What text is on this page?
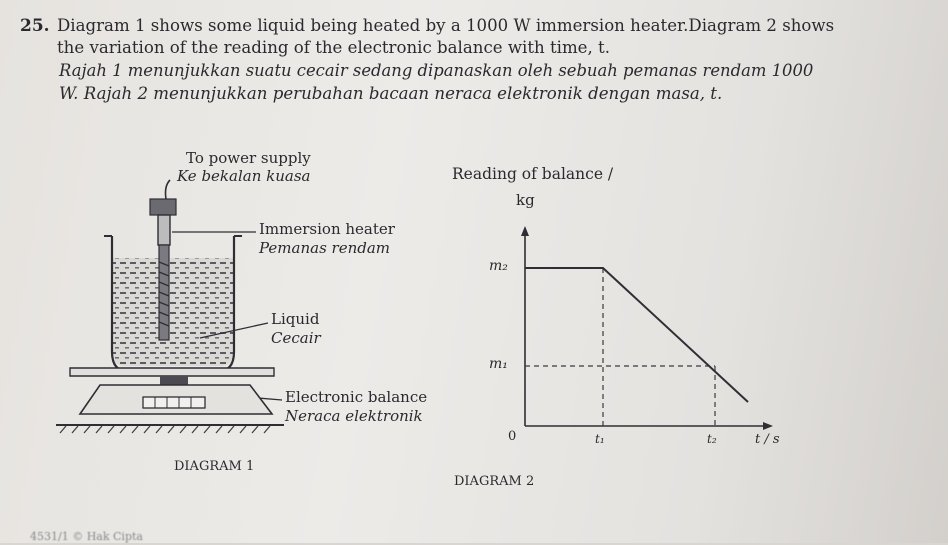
25. Diagram 1 shows some liquid being heated by a 1000 W immersion heater.Diagram 2 shows
the variation of the reading of the electronic balance with time, t.
Rajah 1 menunjukkan suatu cecair sedang dipanaskan oleh sebuah pemanas rendam 1000
W. Rajah 2 menunjukkan perubahan bacaan neraca elektronik dengan masa, t.
To power supply
Ke bekalan kuasa
Immersion heater
Pemanas rendam
Liquid
Cecair
Electronic balance
Neraca elektronik
DIAGRAM 1
Reading of balance /
kg
m₂
m₁
0	t₁	t₂	t / s
DIAGRAM 2
4531/1 © Hak Cipta
